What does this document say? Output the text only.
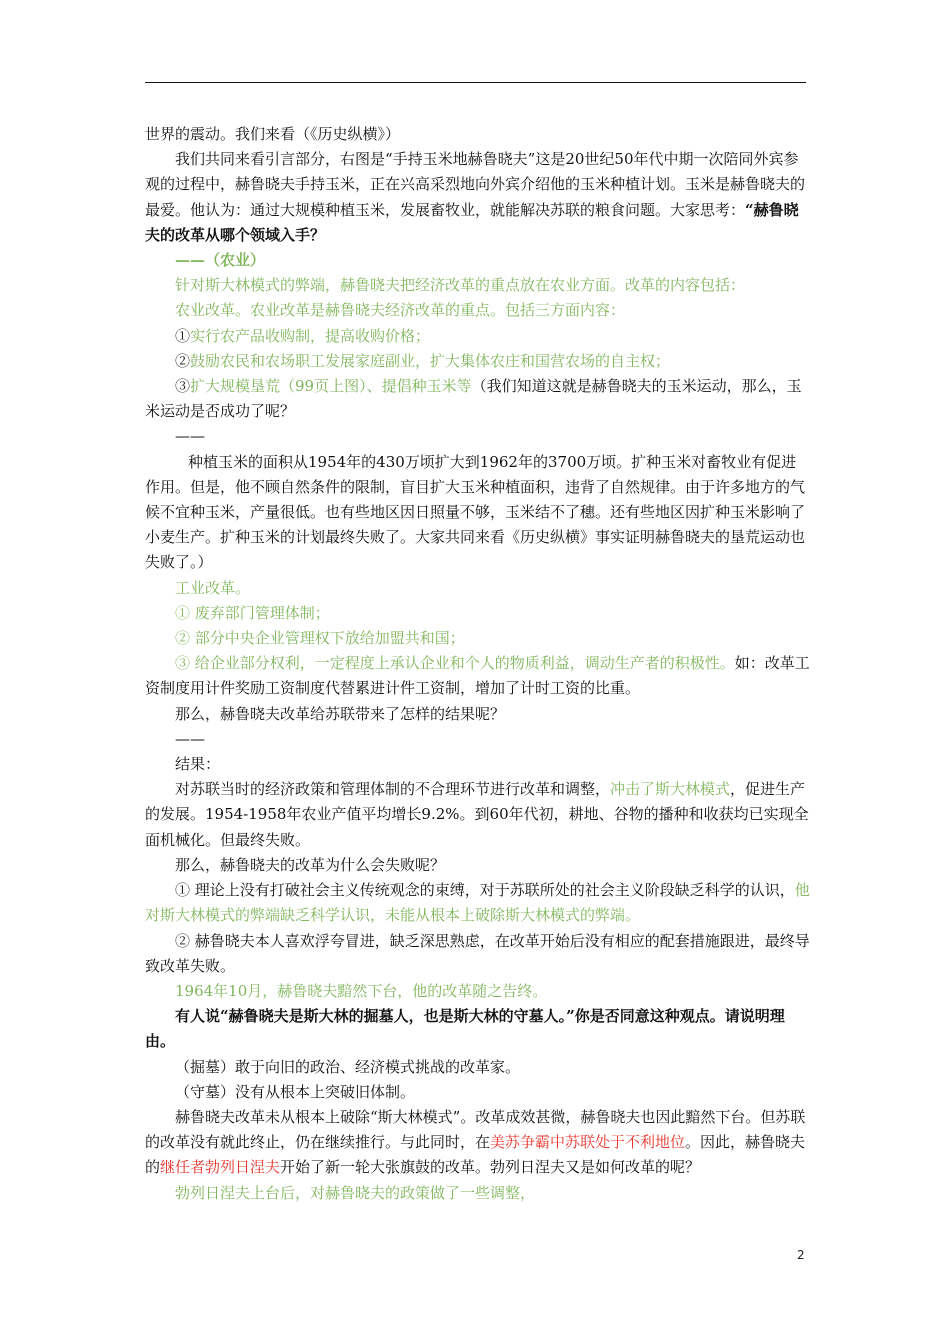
世界的震动。我们来看（《历史纵横》）

我们共同来看引言部分，右图是“手持玉米地赫鲁晓夫”这是20世纪50年代中期一次陪同外宾参观的过程中，赫鲁晓夫手持玉米，正在兴高采烈地向外宾介绍他的玉米种植计划。玉米是赫鲁晓夫的最爱。他认为：通过大规模种植玉米，发展畜牧业，就能解决苏联的粮食问题。大家思考：“赫鲁晓夫的改革从哪个领域入手？

——（农业）

针对斯大林模式的弊端，赫鲁晓夫把经济改革的重点放在农业方面。改革的内容包括：

农业改革。农业改革是赫鲁晓夫经济改革的重点。包括三方面内容：

①实行农产品收购制，提高收购价格；

②鼓励农民和农场职工发展家庭副业，扩大集体农庄和国营农场的自主权；

③扩大规模垦荒（99页上图）、提倡种玉米等（我们知道这就是赫鲁晓夫的玉米运动，那么，玉米运动是否成功了呢？

——

种植玉米的面积从1954年的430万顷扩大到1962年的3700万顷。扩种玉米对畜牧业有促进作用。但是，他不顾自然条件的限制，盲目扩大玉米种植面积，违背了自然规律。由于许多地方的气候不宜种玉米，产量很低。也有些地区因日照量不够，玉米结不了穗。还有些地区因扩种玉米影响了小麦生产。扩种玉米的计划最终失败了。大家共同来看《历史纵横》事实证明赫鲁晓夫的垦荒运动也失败了。）

工业改革。

① 废弃部门管理体制；

② 部分中央企业管理权下放给加盟共和国；

③ 给企业部分权利，一定程度上承认企业和个人的物质利益，调动生产者的积极性。如：改革工资制度用计件奖励工资制度代替累进计件工资制，增加了计时工资的比重。

那么，赫鲁晓夫改革给苏联带来了怎样的结果呢？

——

结果：

对苏联当时的经济政策和管理体制的不合理环节进行改革和调整，冲击了斯大林模式，促进生产的发展。1954-1958年农业产值平均增长9.2%。到60年代初，耕地、谷物的播种和收获均已实现全面机械化。但最终失败。

那么，赫鲁晓夫的改革为什么会失败呢？

① 理论上没有打破社会主义传统观念的束缚，对于苏联所处的社会主义阶段缺乏科学的认识，他对斯大林模式的弊端缺乏科学认识，未能从根本上破除斯大林模式的弊端。

② 赫鲁晓夫本人喜欢浮夸冒进，缺乏深思熟虑，在改革开始后没有相应的配套措施跟进，最终导致改革失败。

1964年10月，赫鲁晓夫黯然下台，他的改革随之告终。

有人说“赫鲁晓夫是斯大林的掘墓人，也是斯大林的守墓人。”你是否同意这种观点。请说明理由。

（掘墓）敢于向旧的政治、经济模式挑战的改革家。

（守墓）没有从根本上突破旧体制。

赫鲁晓夫改革未从根本上破除“斯大林模式”。改革成效甚微，赫鲁晓夫也因此黯然下台。但苏联的改革没有就此终止，仍在继续推行。与此同时，在美苏争霸中苏联处于不利地位。因此，赫鲁晓夫的继任者勃列日涅夫开始了新一轮大张旗鼓的改革。勃列日涅夫又是如何改革的呢？

勃列日涅夫上台后，对赫鲁晓夫的政策做了一些调整，

2
